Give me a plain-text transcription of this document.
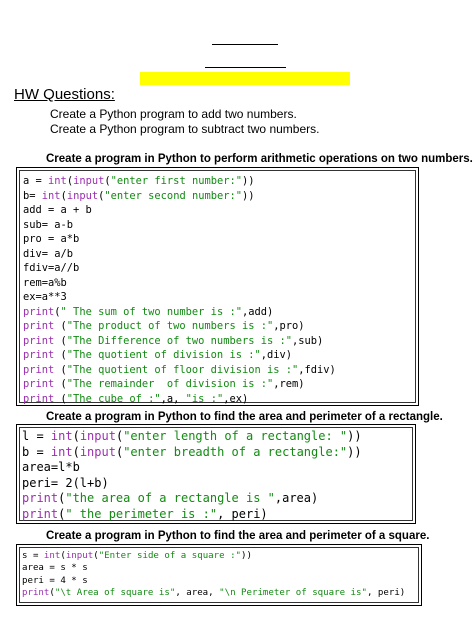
HW Questions:
Create a Python program to add two numbers.
Create a Python program to subtract two numbers.
Create a program in Python to perform arithmetic operations on two numbers.
a = int(input("enter first number:"))
b= int(input("enter second number:"))
add = a + b
sub= a-b
pro = a*b
div= a/b
fdiv=a//b
rem=a%b
ex=a**3
print(" The sum of two number is :",add)
print ("The product of two numbers is :",pro)
print ("The Difference of two numbers is :",sub)
print ("The quotient of division is :",div)
print ("The quotient of floor division is :",fdiv)
print ("The remainder  of division is :",rem)
print ("The cube of :",a, "is :",ex)
Create a program in Python to find the area and perimeter of a rectangle.
l = int(input("enter length of a rectangle: "))
b = int(input("enter breadth of a rectangle:"))
area=l*b
peri= 2(l+b)
print("the area of a rectangle is ",area)
print(" the perimeter is :", peri)
Create a program in Python to find the area and perimeter of a square.
s = int(input("Enter side of a square :"))
area = s * s
peri = 4 * s
print("\t Area of square is", area, "\n Perimeter of square is", peri)
